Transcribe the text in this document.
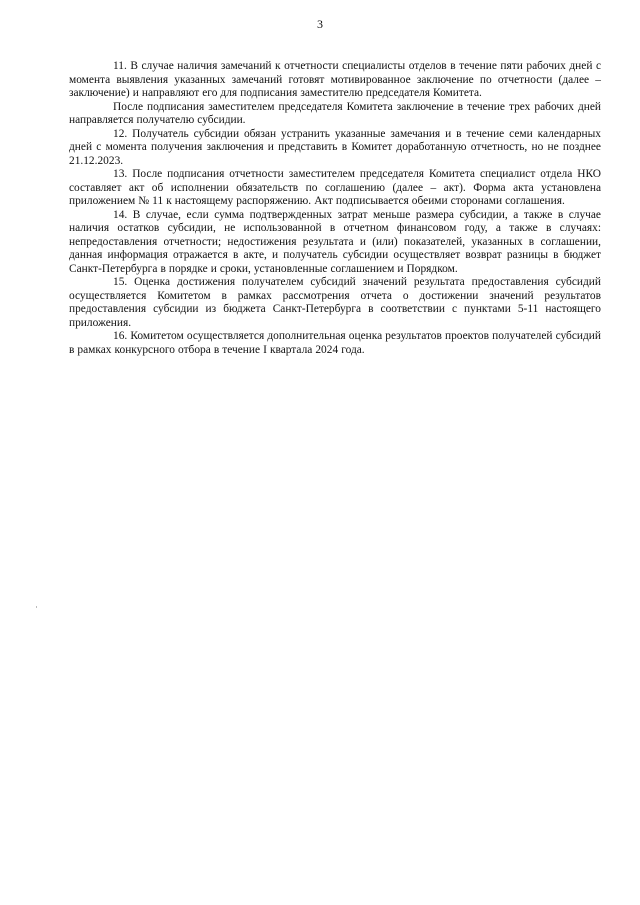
3

11. В случае наличия замечаний к отчетности специалисты отделов в течение пяти рабочих дней с момента выявления указанных замечаний готовят мотивированное заключение по отчетности (далее – заключение) и направляют его для подписания заместителю председателя Комитета.

После подписания заместителем председателя Комитета заключение в течение трех рабочих дней направляется получателю субсидии.

12. Получатель субсидии обязан устранить указанные замечания и в течение семи календарных дней с момента получения заключения и представить в Комитет доработанную отчетность, но не позднее 21.12.2023.

13. После подписания отчетности заместителем председателя Комитета специалист отдела НКО составляет акт об исполнении обязательств по соглашению (далее – акт). Форма акта установлена приложением № 11 к настоящему распоряжению. Акт подписывается обеими сторонами соглашения.

14. В случае, если сумма подтвержденных затрат меньше размера субсидии, а также в случае наличия остатков субсидии, не использованной в отчетном финансовом году, а также в случаях: непредоставления отчетности; недостижения результата и (или) показателей, указанных в соглашении, данная информация отражается в акте, и получатель субсидии осуществляет возврат разницы в бюджет Санкт-Петербурга в порядке и сроки, установленные соглашением и Порядком.

15. Оценка достижения получателем субсидий значений результата предоставления субсидий осуществляется Комитетом в рамках рассмотрения отчета о достижении значений результатов предоставления субсидии из бюджета Санкт-Петербурга в соответствии с пунктами 5-11 настоящего приложения.

16. Комитетом осуществляется дополнительная оценка результатов проектов получателей субсидий в рамках конкурсного отбора в течение I квартала 2024 года.
